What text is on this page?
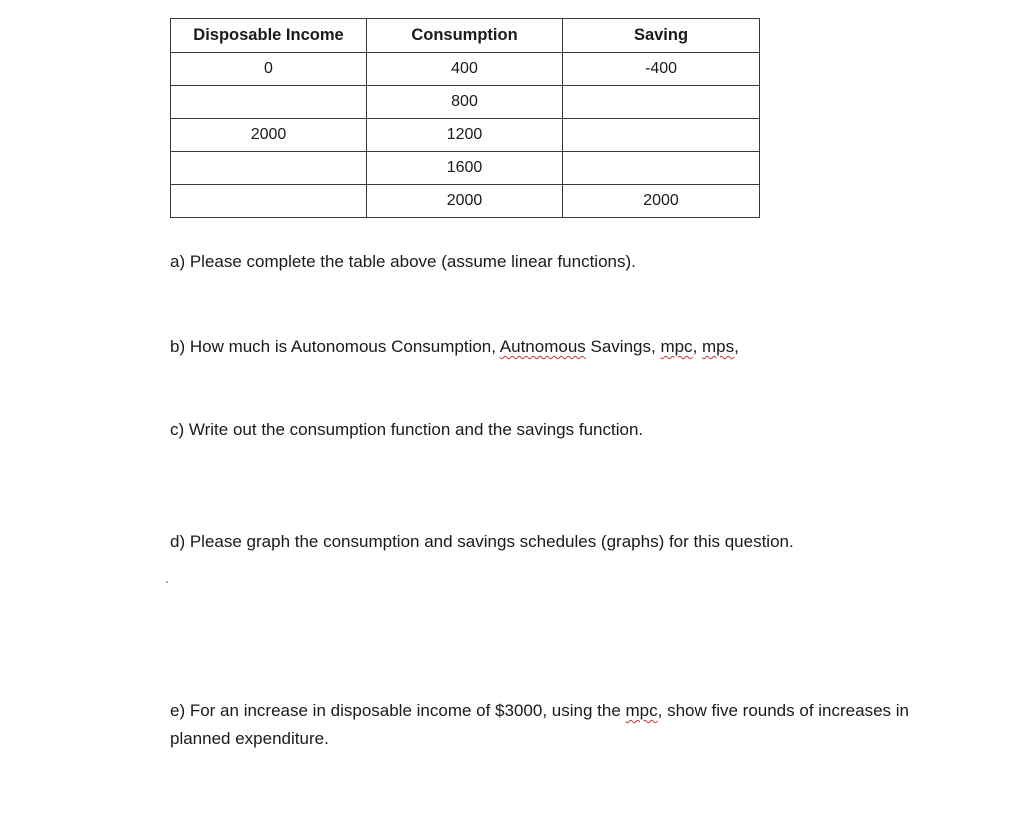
Disposable Income	Consumption	Saving
0	400	-400
	800	
2000	1200	
	1600	
	2000	2000
a) Please complete the table above (assume linear functions).
b) How much is Autonomous Consumption, Autnomous Savings, mpc, mps,
c) Write out the consumption function and the savings function.
d) Please graph the consumption and savings schedules (graphs) for this question.
e) For an increase in disposable income of $3000, using the mpc, show five rounds of increases in planned expenditure.
